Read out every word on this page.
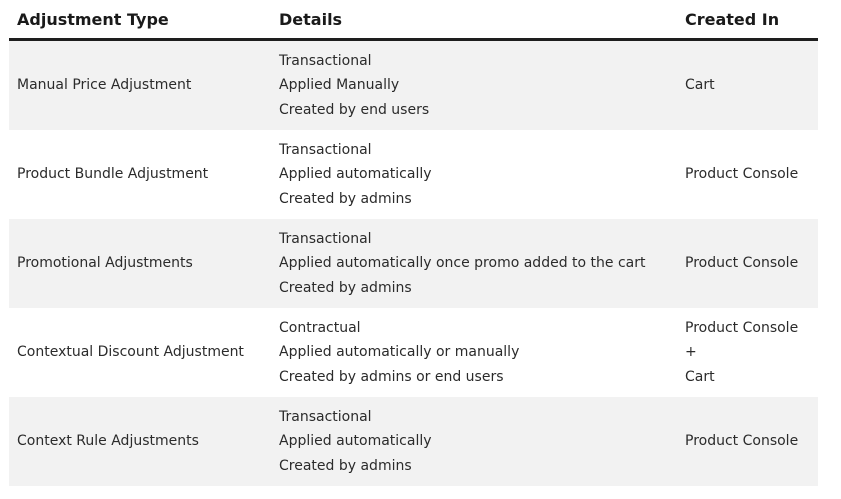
Adjustment Type	Details	Created In
Manual Price Adjustment	Transactional
Applied Manually
Created by end users	Cart

Product Bundle Adjustment	Transactional
Applied automatically
Created by admins	Product Console

Promotional Adjustments	Transactional
Applied automatically once promo added to the cart
Created by admins	Product Console

Contextual Discount Adjustment	Contractual
Applied automatically or manually
Created by admins or end users	Product Console
+
Cart

Context Rule Adjustments	Transactional
Applied automatically
Created by admins	Product Console
